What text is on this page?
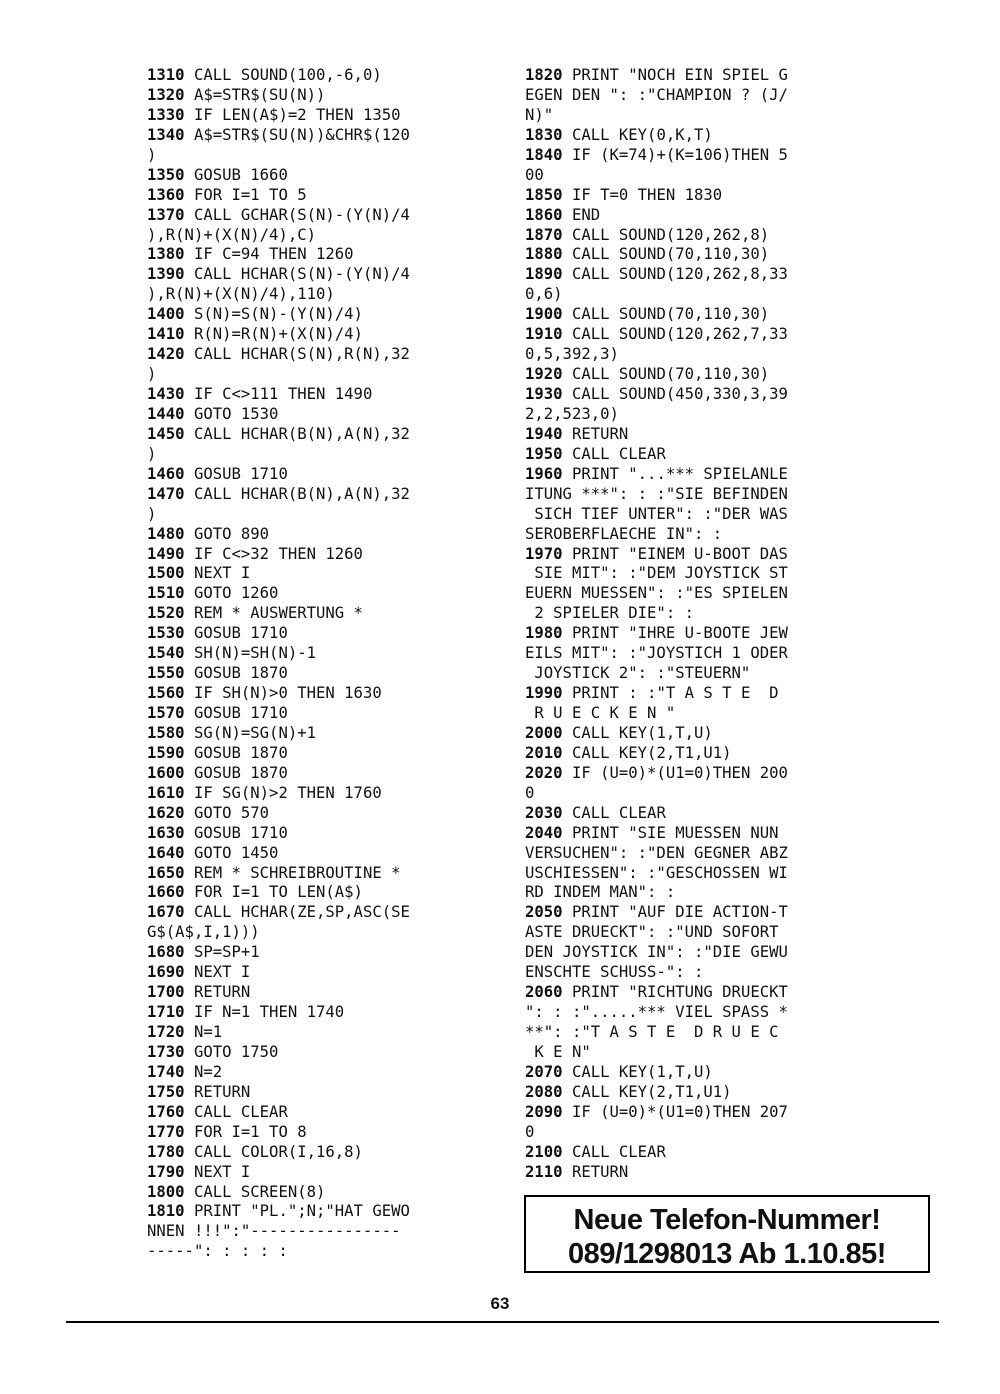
1310 CALL SOUND(100,-6,0)
1320 A$=STR$(SU(N))
1330 IF LEN(A$)=2 THEN 1350
1340 A$=STR$(SU(N))&CHR$(120
)
1350 GOSUB 1660
1360 FOR I=1 TO 5
1370 CALL GCHAR(S(N)-(Y(N)/4
),R(N)+(X(N)/4),C)
1380 IF C=94 THEN 1260
1390 CALL HCHAR(S(N)-(Y(N)/4
),R(N)+(X(N)/4),110)
1400 S(N)=S(N)-(Y(N)/4)
1410 R(N)=R(N)+(X(N)/4)
1420 CALL HCHAR(S(N),R(N),32
)
1430 IF C<>111 THEN 1490
1440 GOTO 1530
1450 CALL HCHAR(B(N),A(N),32
)
1460 GOSUB 1710
1470 CALL HCHAR(B(N),A(N),32
)
1480 GOTO 890
1490 IF C<>32 THEN 1260
1500 NEXT I
1510 GOTO 1260
1520 REM * AUSWERTUNG *
1530 GOSUB 1710
1540 SH(N)=SH(N)-1
1550 GOSUB 1870
1560 IF SH(N)>0 THEN 1630
1570 GOSUB 1710
1580 SG(N)=SG(N)+1
1590 GOSUB 1870
1600 GOSUB 1870
1610 IF SG(N)>2 THEN 1760
1620 GOTO 570
1630 GOSUB 1710
1640 GOTO 1450
1650 REM * SCHREIBROUTINE *
1660 FOR I=1 TO LEN(A$)
1670 CALL HCHAR(ZE,SP,ASC(SE
G$(A$,I,1)))
1680 SP=SP+1
1690 NEXT I
1700 RETURN
1710 IF N=1 THEN 1740
1720 N=1
1730 GOTO 1750
1740 N=2
1750 RETURN
1760 CALL CLEAR
1770 FOR I=1 TO 8
1780 CALL COLOR(I,16,8)
1790 NEXT I
1800 CALL SCREEN(8)
1810 PRINT "PL.";N;"HAT GEWO
NNEN !!!":"----------------
-----": : : : :
1820 PRINT "NOCH EIN SPIEL G
EGEN DEN ": :"CHAMPION ? (J/
N)"
1830 CALL KEY(0,K,T)
1840 IF (K=74)+(K=106)THEN 5
00
1850 IF T=0 THEN 1830
1860 END
1870 CALL SOUND(120,262,8)
1880 CALL SOUND(70,110,30)
1890 CALL SOUND(120,262,8,33
0,6)
1900 CALL SOUND(70,110,30)
1910 CALL SOUND(120,262,7,33
0,5,392,3)
1920 CALL SOUND(70,110,30)
1930 CALL SOUND(450,330,3,39
2,2,523,0)
1940 RETURN
1950 CALL CLEAR
1960 PRINT "...*** SPIELANLE
ITUNG ***": : :"SIE BEFINDEN
SICH TIEF UNTER": :"DER WAS
SEROBERFLAECHE IN": :
1970 PRINT "EINEM U-BOOT DAS
SIE MIT": :"DEM JOYSTICK ST
EUERN MUESSEN": :"ES SPIELEN
2 SPIELER DIE": :
1980 PRINT "IHRE U-BOOTE JEW
EILS MIT": :"JOYSTICH 1 ODER
JOYSTICK 2": :"STEUERN"
1990 PRINT : :"T A S T E  D
R U E C K E N "
2000 CALL KEY(1,T,U)
2010 CALL KEY(2,T1,U1)
2020 IF (U=0)*(U1=0)THEN 200
0
2030 CALL CLEAR
2040 PRINT "SIE MUESSEN NUN
VERSUCHEN": :"DEN GEGNER ABZ
USCHIESSEN": :"GESCHOSSEN WI
RD INDEM MAN": :
2050 PRINT "AUF DIE ACTION-T
ASTE DRUECKT": :"UND SOFORT
DEN JOYSTICK IN": :"DIE GEWU
ENSCHTE SCHUSS-": :
2060 PRINT "RICHTUNG DRUECKT
": : :".....*** VIEL SPASS *
**": :"T A S T E  D R U E C
K E N"
2070 CALL KEY(1,T,U)
2080 CALL KEY(2,T1,U1)
2090 IF (U=0)*(U1=0)THEN 207
0
2100 CALL CLEAR
2110 RETURN
Neue Telefon-Nummer!
089/1298013 Ab 1.10.85!
63
